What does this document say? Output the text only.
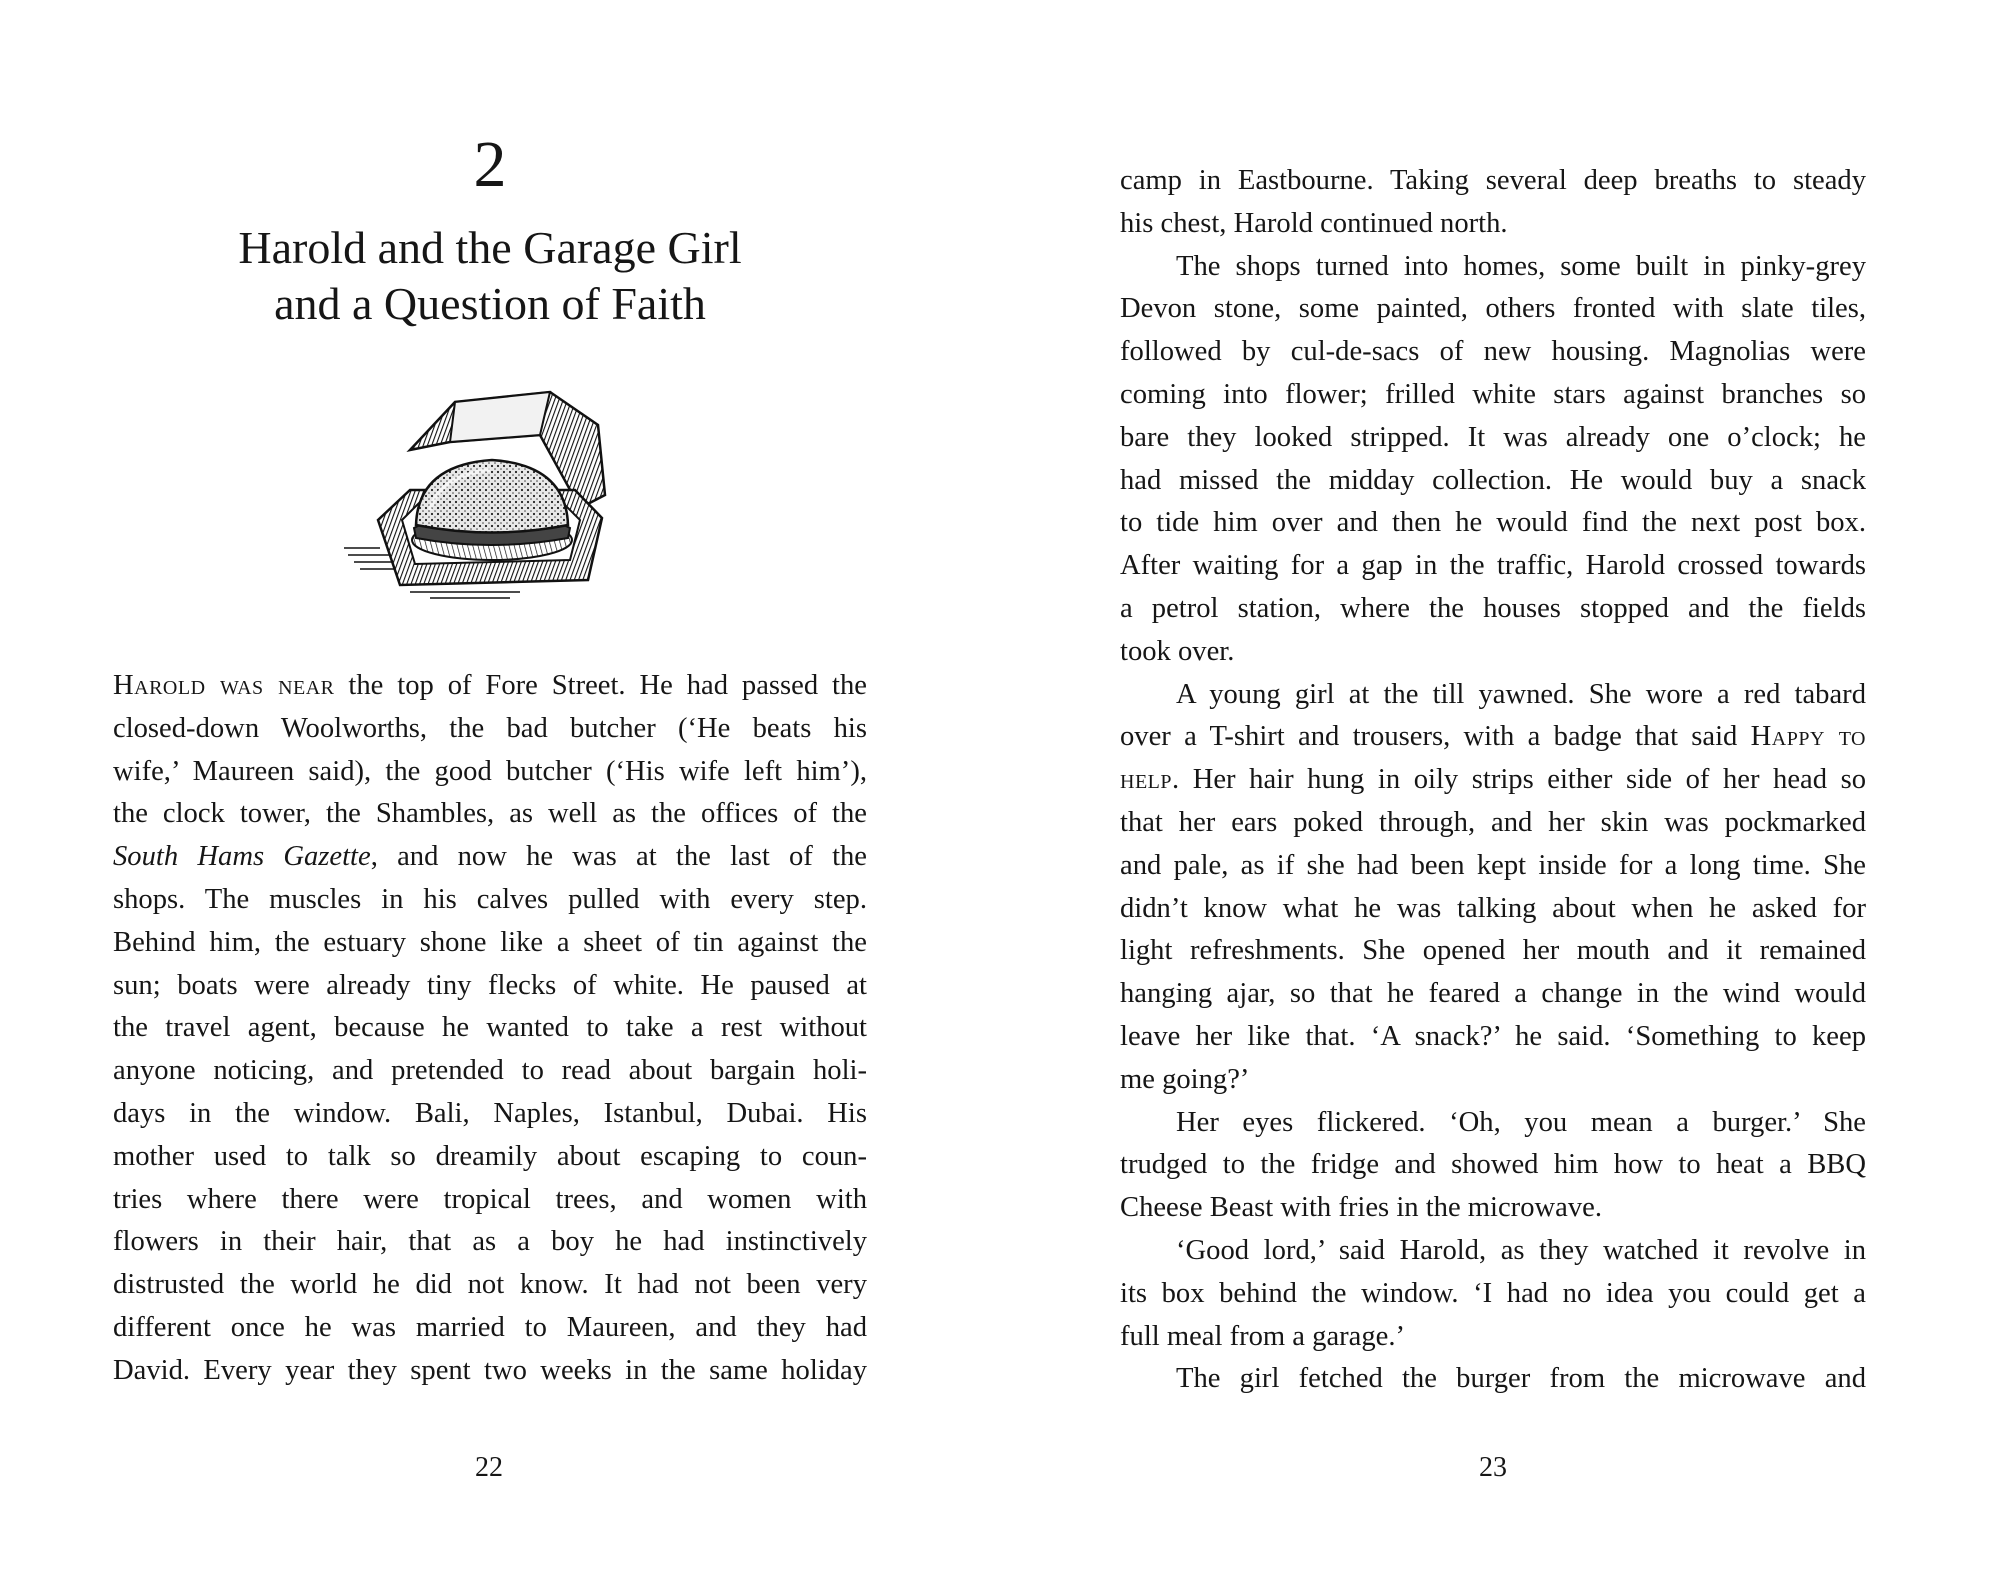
2
Harold and the Garage Girl
and a Question of Faith
Harold was near the top of Fore Street. He had passed the
closed-down Woolworths, the bad butcher (‘He beats his
wife,’ Maureen said), the good butcher (‘His wife left him’),
the clock tower, the Shambles, as well as the offices of the
South Hams Gazette, and now he was at the last of the
shops. The muscles in his calves pulled with every step.
Behind him, the estuary shone like a sheet of tin against the
sun; boats were already tiny flecks of white. He paused at
the travel agent, because he wanted to take a rest without
anyone noticing, and pretended to read about bargain holi-
days in the window. Bali, Naples, Istanbul, Dubai. His
mother used to talk so dreamily about escaping to coun-
tries where there were tropical trees, and women with
flowers in their hair, that as a boy he had instinctively
distrusted the world he did not know. It had not been very
different once he was married to Maureen, and they had
David. Every year they spent two weeks in the same holiday
22
camp in Eastbourne. Taking several deep breaths to steady
his chest, Harold continued north.
The shops turned into homes, some built in pinky-grey
Devon stone, some painted, others fronted with slate tiles,
followed by cul-de-sacs of new housing. Magnolias were
coming into flower; frilled white stars against branches so
bare they looked stripped. It was already one o’clock; he
had missed the midday collection. He would buy a snack
to tide him over and then he would find the next post box.
After waiting for a gap in the traffic, Harold crossed towards
a petrol station, where the houses stopped and the fields
took over.
A young girl at the till yawned. She wore a red tabard
over a T-shirt and trousers, with a badge that said Happy to
help. Her hair hung in oily strips either side of her head so
that her ears poked through, and her skin was pockmarked
and pale, as if she had been kept inside for a long time. She
didn’t know what he was talking about when he asked for
light refreshments. She opened her mouth and it remained
hanging ajar, so that he feared a change in the wind would
leave her like that. ‘A snack?’ he said. ‘Something to keep
me going?’
Her eyes flickered. ‘Oh, you mean a burger.’ She
trudged to the fridge and showed him how to heat a BBQ
Cheese Beast with fries in the microwave.
‘Good lord,’ said Harold, as they watched it revolve in
its box behind the window. ‘I had no idea you could get a
full meal from a garage.’
The girl fetched the burger from the microwave and
23
